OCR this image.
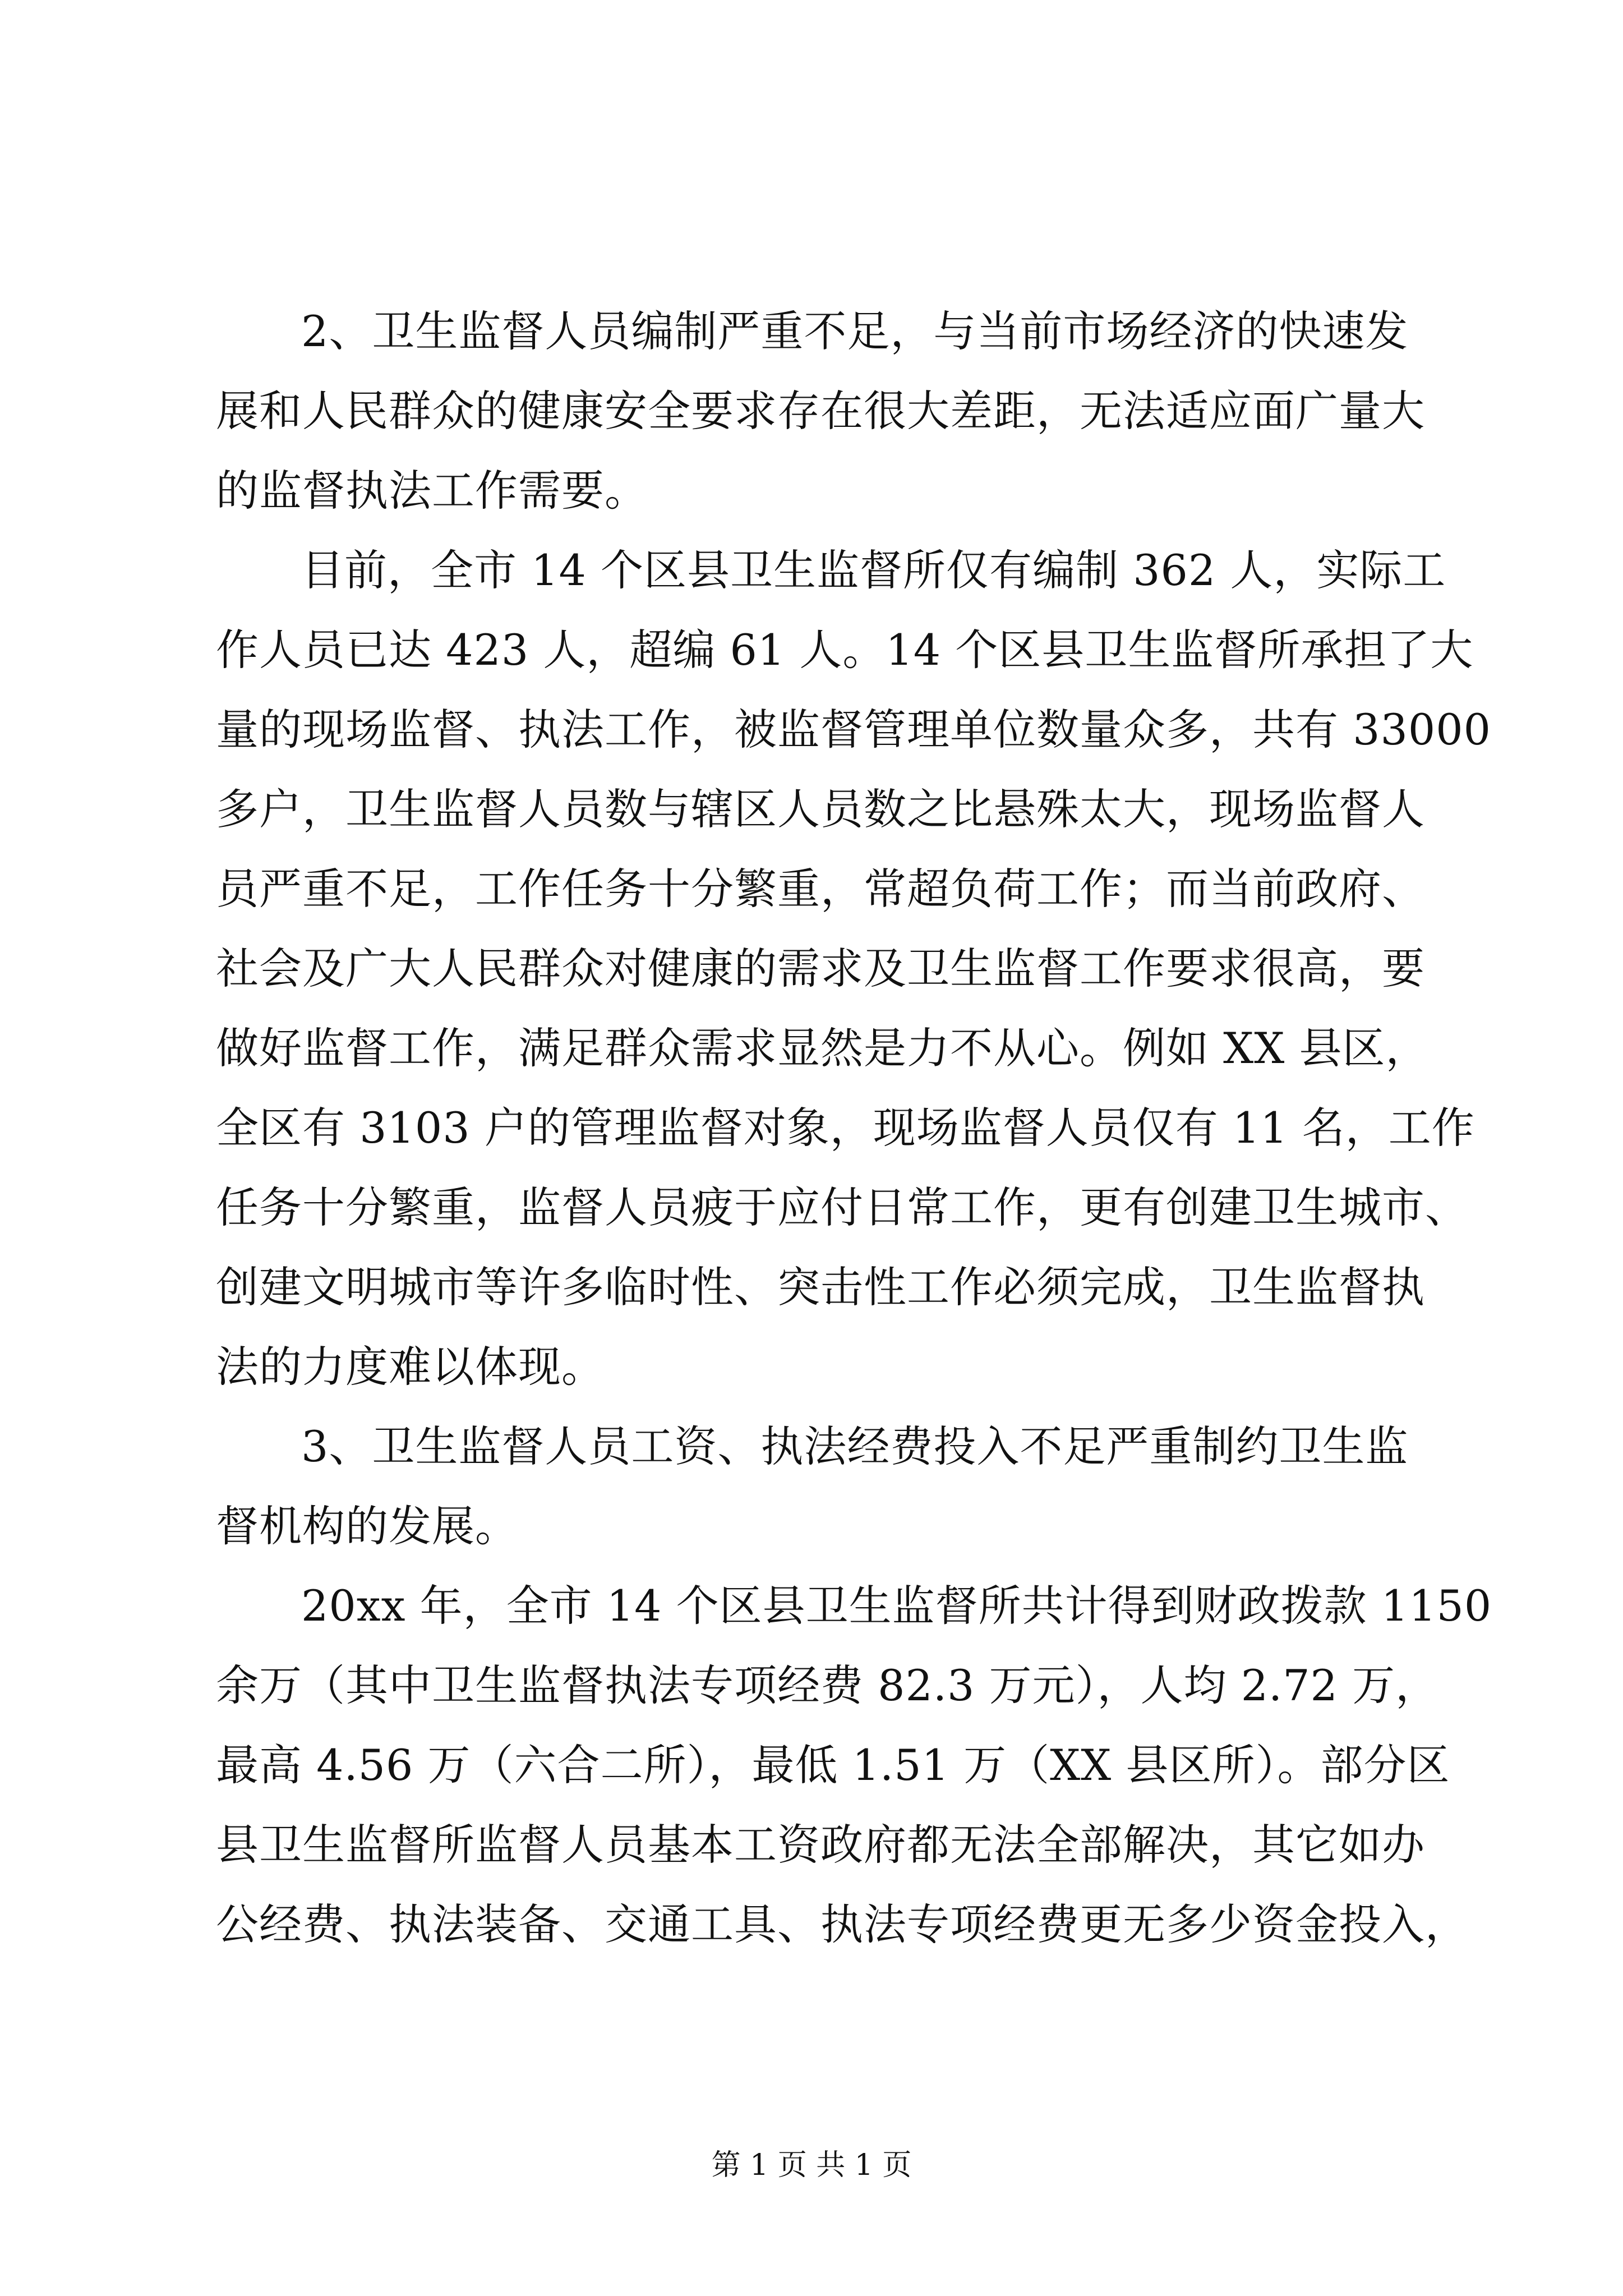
2、卫生监督人员编制严重不足，与当前市场经济的快速发
展和人民群众的健康安全要求存在很大差距，无法适应面广量大
的监督执法工作需要。

目前，全市 14 个区县卫生监督所仅有编制 362 人，实际工
作人员已达 423 人，超编 61 人。14 个区县卫生监督所承担了大
量的现场监督、执法工作，被监督管理单位数量众多，共有 33000
多户，卫生监督人员数与辖区人员数之比悬殊太大，现场监督人
员严重不足，工作任务十分繁重，常超负荷工作；而当前政府、
社会及广大人民群众对健康的需求及卫生监督工作要求很高，要
做好监督工作，满足群众需求显然是力不从心。例如 XX 县区，
全区有 3103 户的管理监督对象，现场监督人员仅有 11 名，工作
任务十分繁重，监督人员疲于应付日常工作，更有创建卫生城市、
创建文明城市等许多临时性、突击性工作必须完成，卫生监督执
法的力度难以体现。

3、卫生监督人员工资、执法经费投入不足严重制约卫生监
督机构的发展。

20xx 年，全市 14 个区县卫生监督所共计得到财政拨款 1150
余万（其中卫生监督执法专项经费 82.3 万元），人均 2.72 万，
最高 4.56 万（六合二所），最低 1.51 万（XX 县区所）。部分区
县卫生监督所监督人员基本工资政府都无法全部解决，其它如办
公经费、执法装备、交通工具、执法专项经费更无多少资金投入，

第 1 页 共 1 页
